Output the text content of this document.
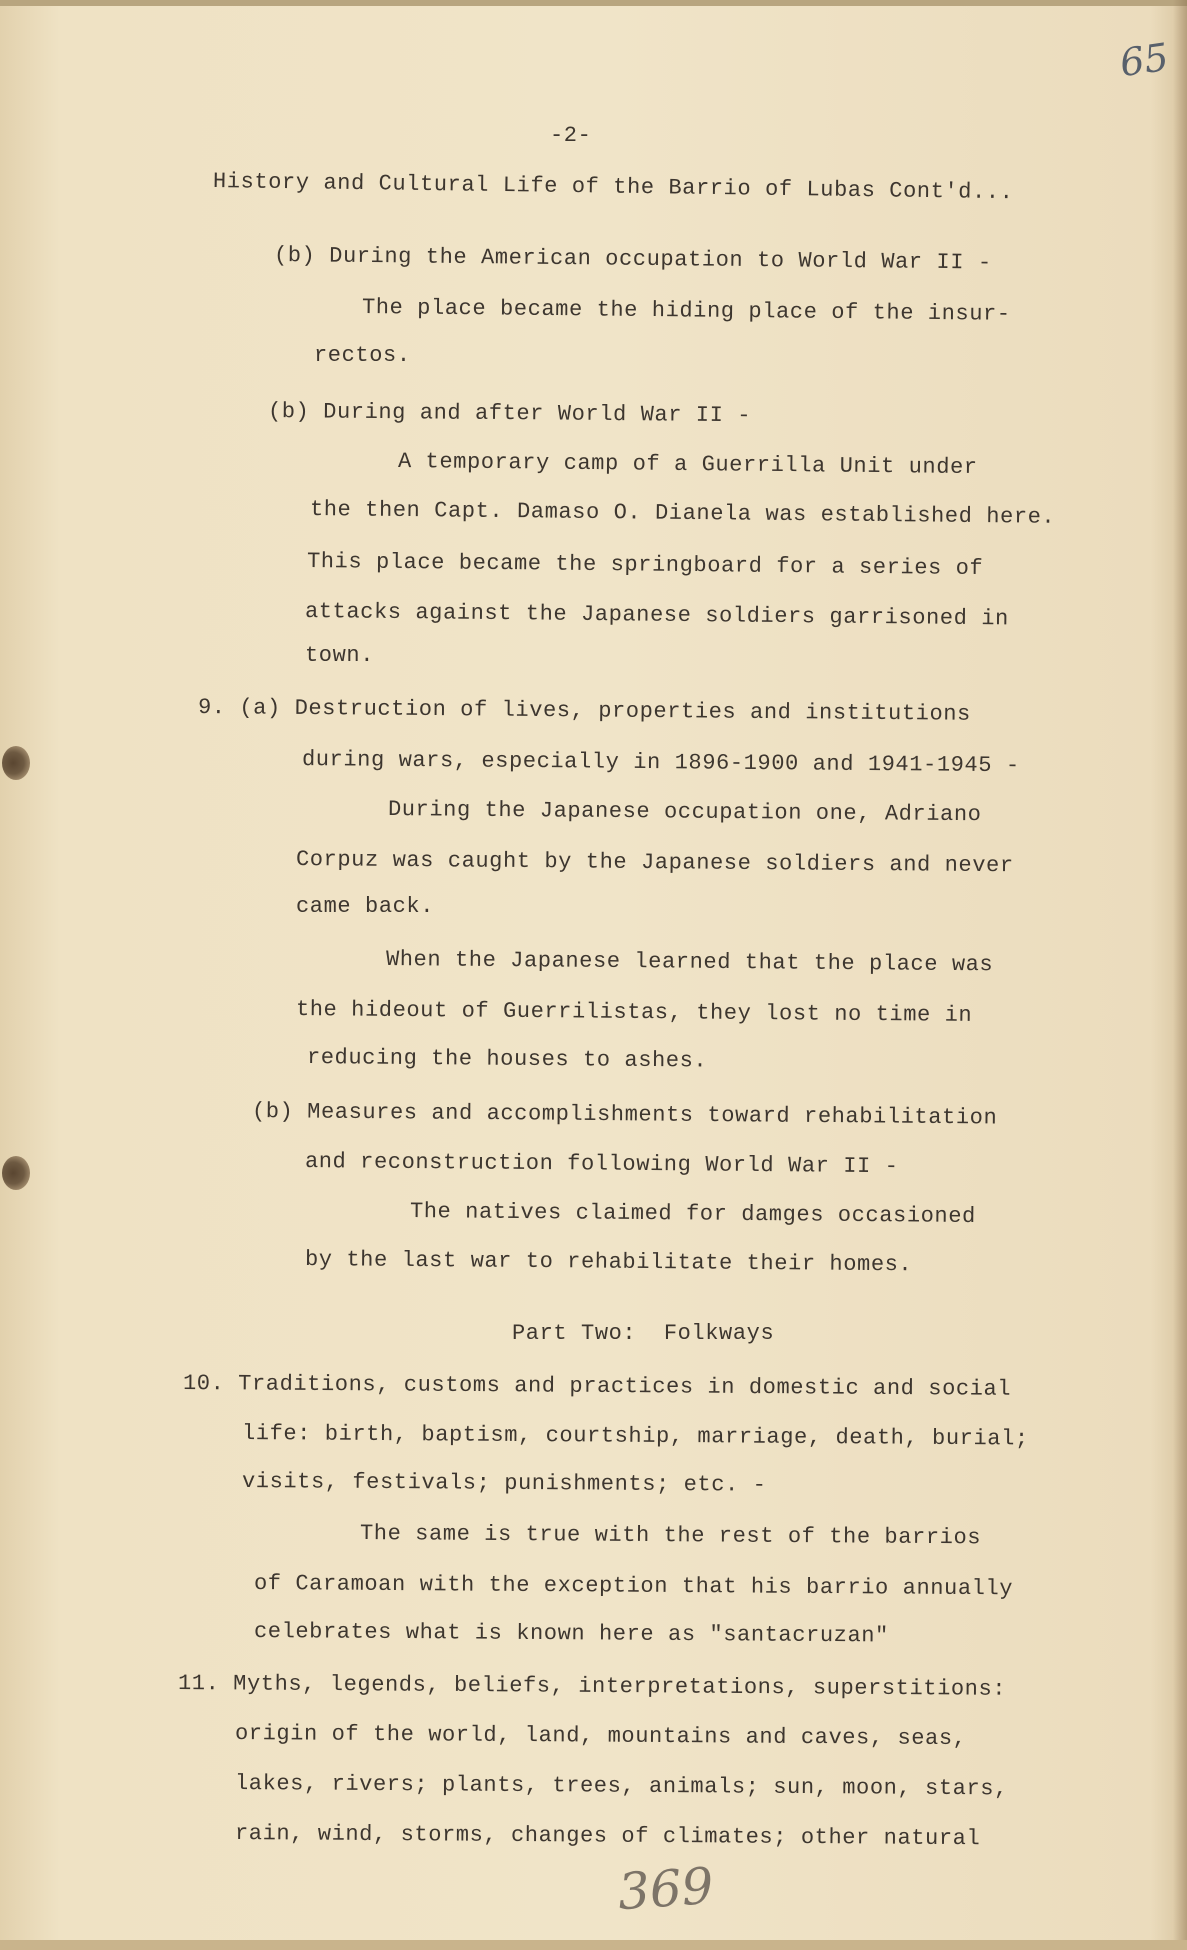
65
-2-
History and Cultural Life of the Barrio of Lubas Cont'd...
(b) During the American occupation to World War II -
The place became the hiding place of the insur-
rectos.
(b) During and after World War II -
A temporary camp of a Guerrilla Unit under
the then Capt. Damaso O. Dianela was established here.
This place became the springboard for a series of
attacks against the Japanese soldiers garrisoned in
town.
9. (a) Destruction of lives, properties and institutions
during wars, especially in 1896-1900 and 1941-1945 -
During the Japanese occupation one, Adriano
Corpuz was caught by the Japanese soldiers and never
came back.
When the Japanese learned that the place was
the hideout of Guerrilistas, they lost no time in
reducing the houses to ashes.
(b) Measures and accomplishments toward rehabilitation
and reconstruction following World War II -
The natives claimed for damges occasioned
by the last war to rehabilitate their homes.
Part Two:  Folkways
10. Traditions, customs and practices in domestic and social
life: birth, baptism, courtship, marriage, death, burial;
visits, festivals; punishments; etc. -
The same is true with the rest of the barrios
of Caramoan with the exception that his barrio annually
celebrates what is known here as "santacruzan"
11. Myths, legends, beliefs, interpretations, superstitions:
origin of the world, land, mountains and caves, seas,
lakes, rivers; plants, trees, animals; sun, moon, stars,
rain, wind, storms, changes of climates; other natural
369
